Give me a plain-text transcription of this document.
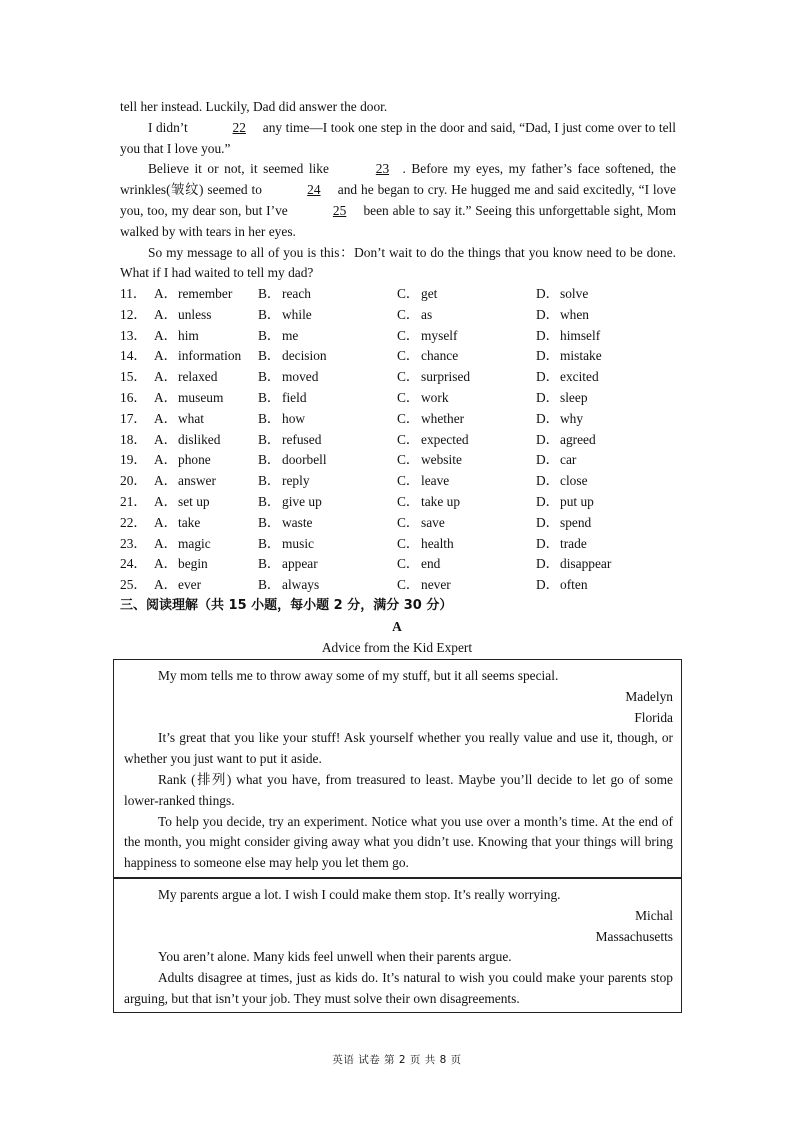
tell her instead. Luckily, Dad did answer the door.

I didn’t	22 any time—I took one step in the door and said, “Dad, I just come over to tell you that I love you.”

Believe it or not, it seemed like	23 . Before my eyes, my father’s face softened, the wrinkles(皱纹) seemed to	24 and he began to cry. He hugged me and said excitedly, “I love you, too, my dear son, but I’ve	25 been able to say it.” Seeing this unforgettable sight, Mom walked by with tears in her eyes.

So my message to all of you is this：Don’t wait to do the things that you know need to be done. What if I had waited to tell my dad?

11． A． remember B． reach	C． get	D． solve
12． A． unless	B． while	C． as	D． when
13． A． him	B． me	C． myself	D． himself
14． A． information B． decision	C． chance	D． mistake
15． A． relaxed	B． moved	C． surprised	D． excited
16． A． museum	B． field	C． work	D． sleep
17． A． what	B． how	C． whether	D． why
18． A． disliked	B． refused	C． expected	D． agreed
19． A． phone	B． doorbell	C． website	D． car
20． A． answer	B． reply	C． leave	D． close
21． A． set up	B． give up	C． take up	D． put up
22． A． take	B． waste	C． save	D． spend
23． A． magic	B． music	C． health	D． trade
24． A． begin	B． appear	C． end	D． disappear
25． A． ever	B． always	C． never	D． often
三、阅读理解（共 15 小题，每小题 2 分，满分 30 分）
A
Advice from the Kid Expert

My mom tells me to throw away some of my stuff, but it all seems special.

Madelyn

Florida

It’s great that you like your stuff! Ask yourself whether you really value and use it, though, or whether you just want to put it aside.

Rank (排列) what you have, from treasured to least. Maybe you’ll decide to let go of some lower-ranked things.

To help you decide, try an experiment. Notice what you use over a month’s time. At the end of the month, you might consider giving away what you didn’t use. Knowing that your things will bring happiness to someone else may help you let them go.

My parents argue a lot. I wish I could make them stop. It’s really worrying.

Michal

Massachusetts

You aren’t alone. Many kids feel unwell when their parents argue.

Adults disagree at times, just as kids do. It’s natural to wish you could make your parents stop arguing, but that isn’t your job. They must solve their own disagreements.

英语 试卷 第 2 页 共 8 页
